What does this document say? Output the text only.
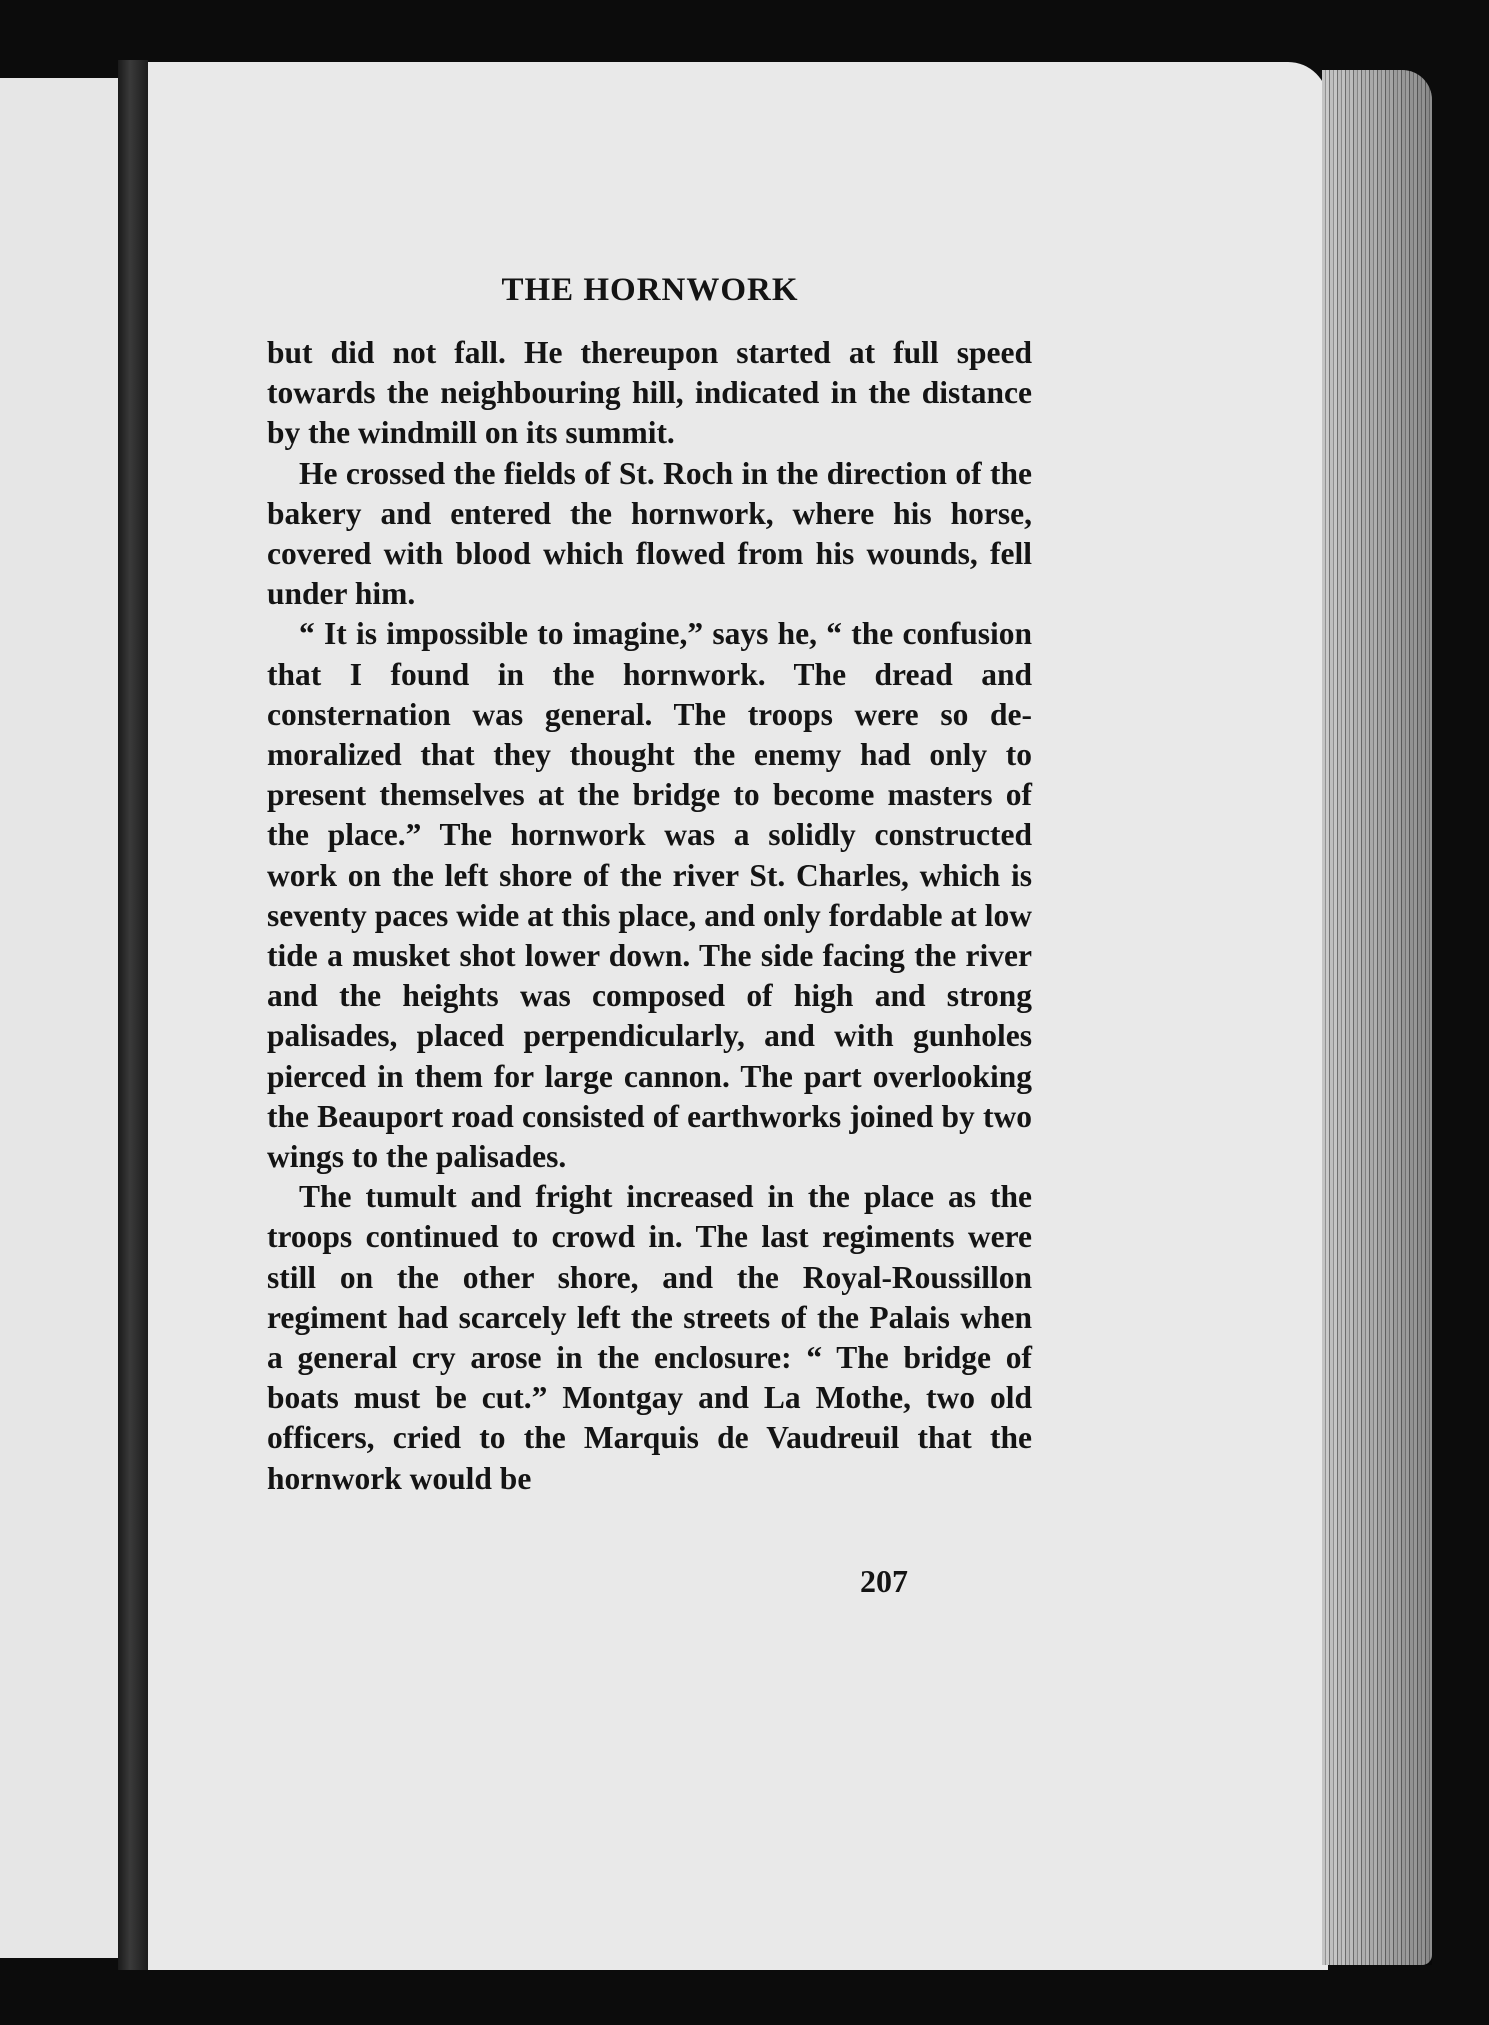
THE HORNWORK

but did not fall. He thereupon started at full speed towards the neighbouring hill, indicated in the distance by the windmill on its summit.

He crossed the fields of St. Roch in the direction of the bakery and entered the hornwork, where his horse, covered with blood which flowed from his wounds, fell under him.

“ It is impossible to imagine,” says he, “ the confusion that I found in the hornwork. The dread and consternation was general. The troops were so demoralized that they thought the enemy had only to present themselves at the bridge to become masters of the place.” The hornwork was a solidly constructed work on the left shore of the river St. Charles, which is seventy paces wide at this place, and only fordable at low tide a musket shot lower down. The side facing the river and the heights was composed of high and strong palisades, placed perpendicularly, and with gunholes pierced in them for large cannon. The part overlooking the Beauport road consisted of earthworks joined by two wings to the palisades.

The tumult and fright increased in the place as the troops continued to crowd in. The last regiments were still on the other shore, and the Royal-Roussillon regiment had scarcely left the streets of the Palais when a general cry arose in the enclosure: “ The bridge of boats must be cut.” Montgay and La Mothe, two old officers, cried to the Marquis de Vaudreuil that the hornwork would be

207
